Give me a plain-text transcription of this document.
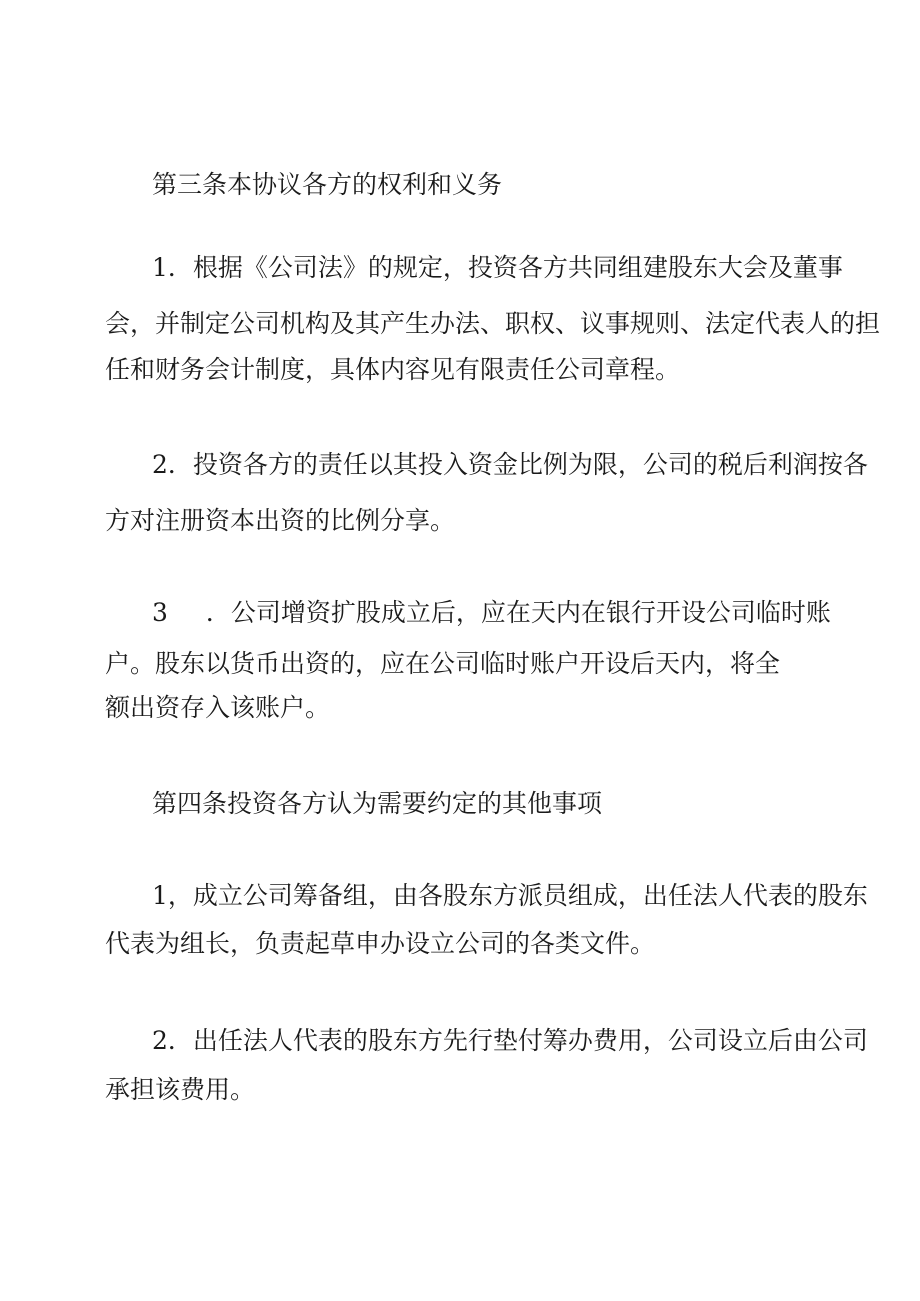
第三条本协议各方的权利和义务
1．根据《公司法》的规定，投资各方共同组建股东大会及董事
会，并制定公司机构及其产生办法、职权、议事规则、法定代表人的担
任和财务会计制度，具体内容见有限责任公司章程。
2．投资各方的责任以其投入资金比例为限，公司的税后利润按各
方对注册资本出资的比例分享。
3 ．公司增资扩股成立后，应在天内在银行开设公司临时账
户。股东以货币出资的，应在公司临时账户开设后天内，将全
额出资存入该账户。
第四条投资各方认为需要约定的其他事项
1，成立公司筹备组，由各股东方派员组成，出任法人代表的股东
代表为组长，负责起草申办设立公司的各类文件。
2．出任法人代表的股东方先行垫付筹办费用，公司设立后由公司
承担该费用。
